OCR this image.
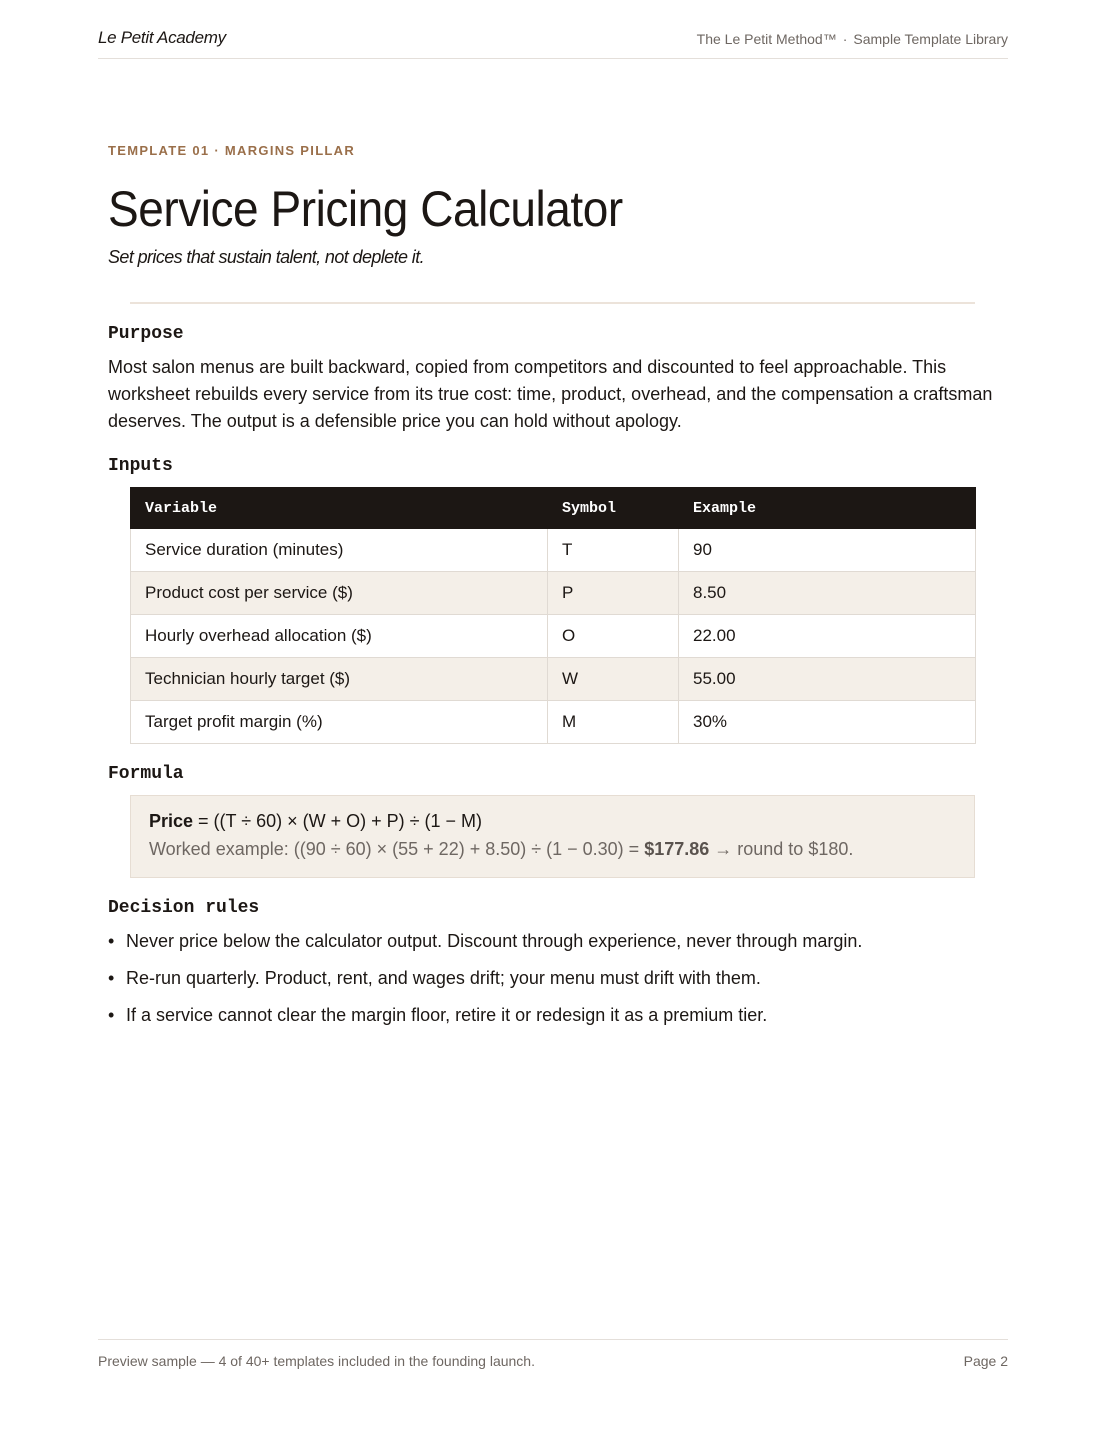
Le Petit Academy	The Le Petit Method™ · Sample Template Library
TEMPLATE 01 · MARGINS PILLAR
Service Pricing Calculator
Set prices that sustain talent, not deplete it.
Purpose

Most salon menus are built backward, copied from competitors and discounted to feel approachable. This worksheet rebuilds every service from its true cost: time, product, overhead, and the compensation a craftsman deserves. The output is a defensible price you can hold without apology.

Inputs
Variable	Symbol	Example
Service duration (minutes)	T	90
Product cost per service ($)	P	8.50
Hourly overhead allocation ($)	O	22.00
Technician hourly target ($)	W	55.00
Target profit margin (%)	M	30%
Formula
Price = ((T ÷ 60) × (W + O) + P) ÷ (1 − M)
Worked example: ((90 ÷ 60) × (55 + 22) + 8.50) ÷ (1 − 0.30) = $177.86 → round to $180.
Decision rules
• Never price below the calculator output. Discount through experience, never through margin.
• Re-run quarterly. Product, rent, and wages drift; your menu must drift with them.
• If a service cannot clear the margin floor, retire it or redesign it as a premium tier.
Preview sample — 4 of 40+ templates included in the founding launch.	Page 2
